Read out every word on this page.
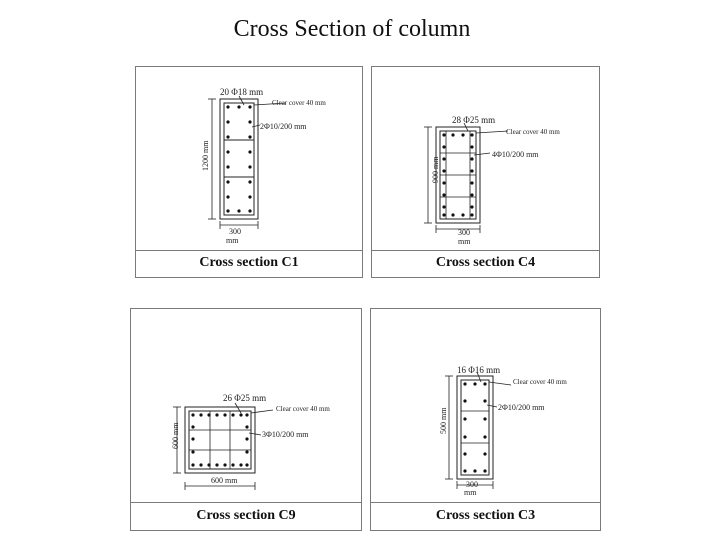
Cross Section of column
20 Φ18 mm
Clear cover 40 mm
2Φ10/200 mm
1200 mm
300
mm
Cross section C1
28 Φ25 mm
Clear cover 40 mm
4Φ10/200 mm
900 mm
300
mm
Cross section C4
26 Φ25 mm
Clear cover 40 mm
3Φ10/200 mm
600 mm
600 mm
Cross section C9
16 Φ16 mm
Clear cover 40 mm
2Φ10/200 mm
500 mm
300
mm
Cross section C3
